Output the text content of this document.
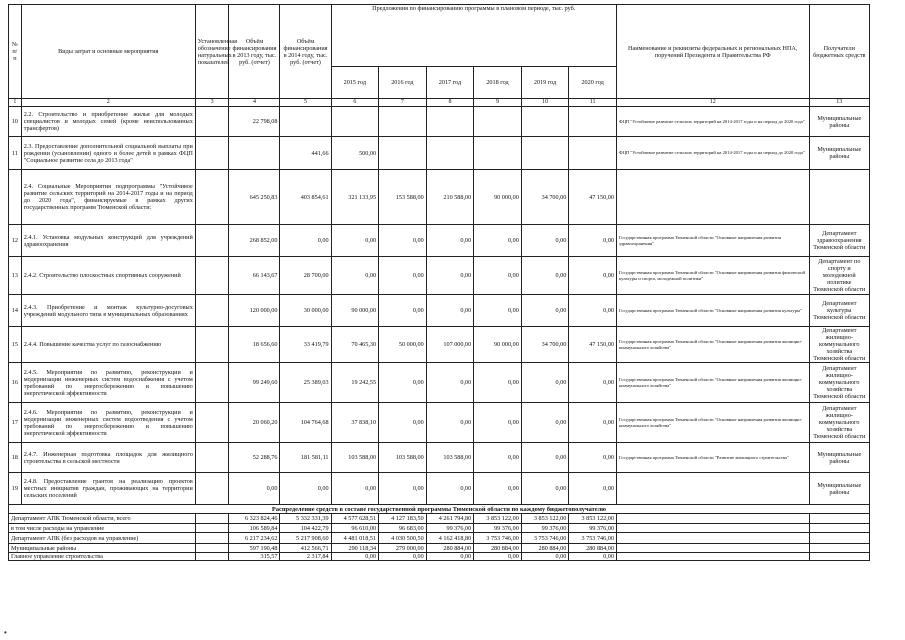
№ п/п	Виды затрат и основные мероприятия	Установленная обозначение натуральных показателей	Объём финансирования в 2013 году, тыс. руб. (отчет)	Объём финансирования в 2014 году, тыс. руб. (отчет)	Предложения по финансированию программы в плановом периоде, тыс. руб.						Наименование и реквизиты федеральных и региональных НПА, поручений Президента и Правительства РФ	Получатели бюджетных средств
					2015 год	2016 год	2017 год	2018 год	2019 год	2020 год		
1	2	3	4	5	6	7	8	9	10	11	12	13
10	2.2. Строительство и приобретение жилья для молодых специалистов и молодых семей (кроме неиспользованных трансфертов)		22 798,08								ФЦП "Устойчивое развитие сельских территорий на 2014-2017 годы и на период до 2020 года"	Муниципальные районы
11	2.3. Предоставление дополнительной социальной выплаты при рождении (усыновлении) одного и более детей в рамках ФЦП "Социальное развитие села до 2013 года"			441,66	500,00						ФЦП "Устойчивое развитие сельских территорий на 2014-2017 годы и на период до 2020 года"	Муниципальные районы
	2.4. Социальные Мероприятия подпрограммы "Устойчивое развитие сельских территорий на 2014-2017 годы и на период до 2020 года", финансируемые в рамках других государственных программ Тюменской области:		645 250,83	403 854,61	321 133,95	153 588,00	210 588,00	90 000,00	34 700,00	47 150,00		
12	2.4.1. Установка модульных конструкций для учреждений здравоохранения		268 852,00	0,00	0,00	0,00	0,00	0,00	0,00	0,00	Государственная программа Тюменской области "Основные направления развития здравоохранения"	Департамент здравоохранения Тюменской области
13	2.4.2. Строительство плоскостных спортивных сооружений		66 143,67	28 700,00	0,00	0,00	0,00	0,00	0,00	0,00	Государственная программа Тюменской области "Основные направления развития физической культуры и спорта, молодежной политики"	Департамент по спорту и молодежной политике Тюменской области
14	2.4.3. Приобретение и монтаж культурно-досуговых учреждений модульного типа в муниципальных образованиях		120 000,00	30 000,00	90 000,00	0,00	0,00	0,00	0,00	0,00	Государственная программа Тюменской области "Основные направления развития культуры"	Департамент культуры Тюменской области
15	2.4.4. Повышение качества услуг по газоснабжению		18 656,60	33 419,79	70 465,30	50 000,00	107 000,00	90 000,00	34 700,00	47 150,00	Государственная программа Тюменской области "Основные направления развития жилищно-коммунального хозяйства"	Департамент жилищно-коммунального хозяйства Тюменской области
16	2.4.5. Мероприятия по развитию, реконструкции и модернизации инженерных систем водоснабжения с учетом требований по энергосбережению и повышению энергетической эффективности		99 249,60	25 389,03	19 242,55	0,00	0,00	0,00	0,00	0,00	Государственная программа Тюменской области "Основные направления развития жилищно-коммунального хозяйства"	Департамент жилищно-коммунального хозяйства Тюменской области
17	2.4.6. Мероприятия по развитию, реконструкции и модернизации инженерных систем водоотведения с учетом требований по энергосбережению и повышению энергетической эффективности		20 060,20	104 764,68	37 838,10	0,00	0,00	0,00	0,00	0,00	Государственная программа Тюменской области "Основные направления развития жилищно-коммунального хозяйства"	Департамент жилищно-коммунального хозяйства Тюменской области
18	2.4.7. Инженерная подготовка площадок для жилищного строительства в сельской местности		52 288,76	181 581,11	103 588,00	103 588,00	103 588,00	0,00	0,00	0,00	Государственная программа Тюменской области "Развитие жилищного строительства"	Муниципальные районы
19	2.4.8. Предоставление грантов на реализацию проектов местных инициатив граждан, проживающих на территории сельских поселений		0,00	0,00	0,00	0,00	0,00	0,00	0,00	0,00		Муниципальные районы
Распределение средств в составе государственной программы Тюменской области по каждому бюджетополучателю												
Департамент АПК Тюменской области, всего			6 323 824,46	5 332 331,39	4 577 628,51	4 127 183,50	4 261 794,80	3 853 122,00	3 853 122,00	3 853 122,00		
в том числе расходы на управление			106 589,84	104 422,79	96 610,00	96 683,00	99 376,00	99 376,00	99 376,00	99 376,00		
Департамент АПК (без расходов на управление)			6 217 234,62	5 217 908,60	4 481 018,51	4 030 500,50	4 162 418,80	3 753 746,00	3 753 746,00	3 753 746,00		
Муниципальные районы			597 190,48	412 566,71	290 118,34	279 000,00	280 884,00	280 884,00	280 884,00	280 884,00		
Главное управление строительства			315,57	2 317,84	0,00	0,00	0,00	0,00	0,00	0,00		
•
